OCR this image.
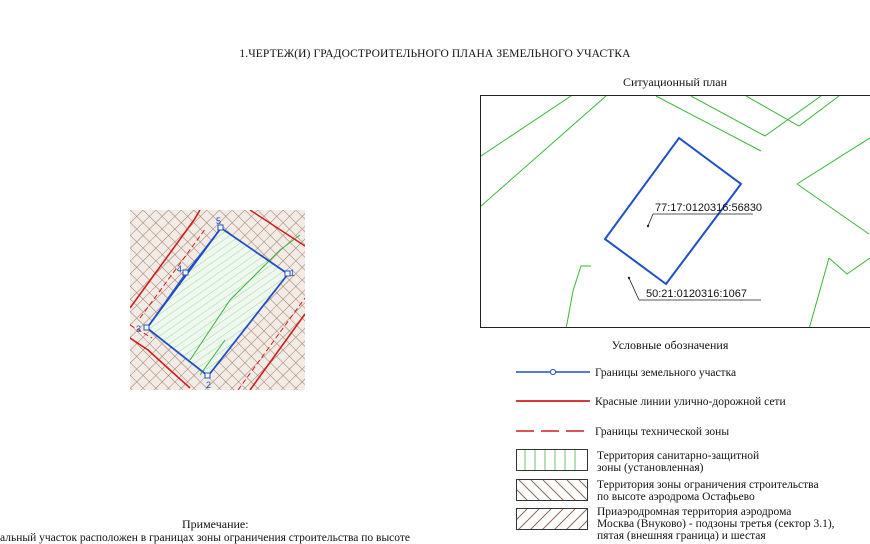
1.ЧЕРТЕЖ(И) ГРАДОСТРОИТЕЛЬНОГО ПЛАНА ЗЕМЕЛЬНОГО УЧАСТКА
1
2
3
4
5
Ситуационный план
77:17:0120316:56830
50:21:0120316:1067
Условные обозначения
Границы земельного участка
Красные линии улично-дорожной сети
Границы технической зоны
Территория санитарно-защитной
зоны (установленная)
Территория зоны ограничения строительства
по высоте аэродрома Остафьево
Приаэродромная территория аэродрома
Москва (Внуково) - подзоны третья (сектор 3.1),
пятая (внешняя граница) и шестая
Примечание:
альный участок расположен в границах зоны ограничения строительства по высоте
